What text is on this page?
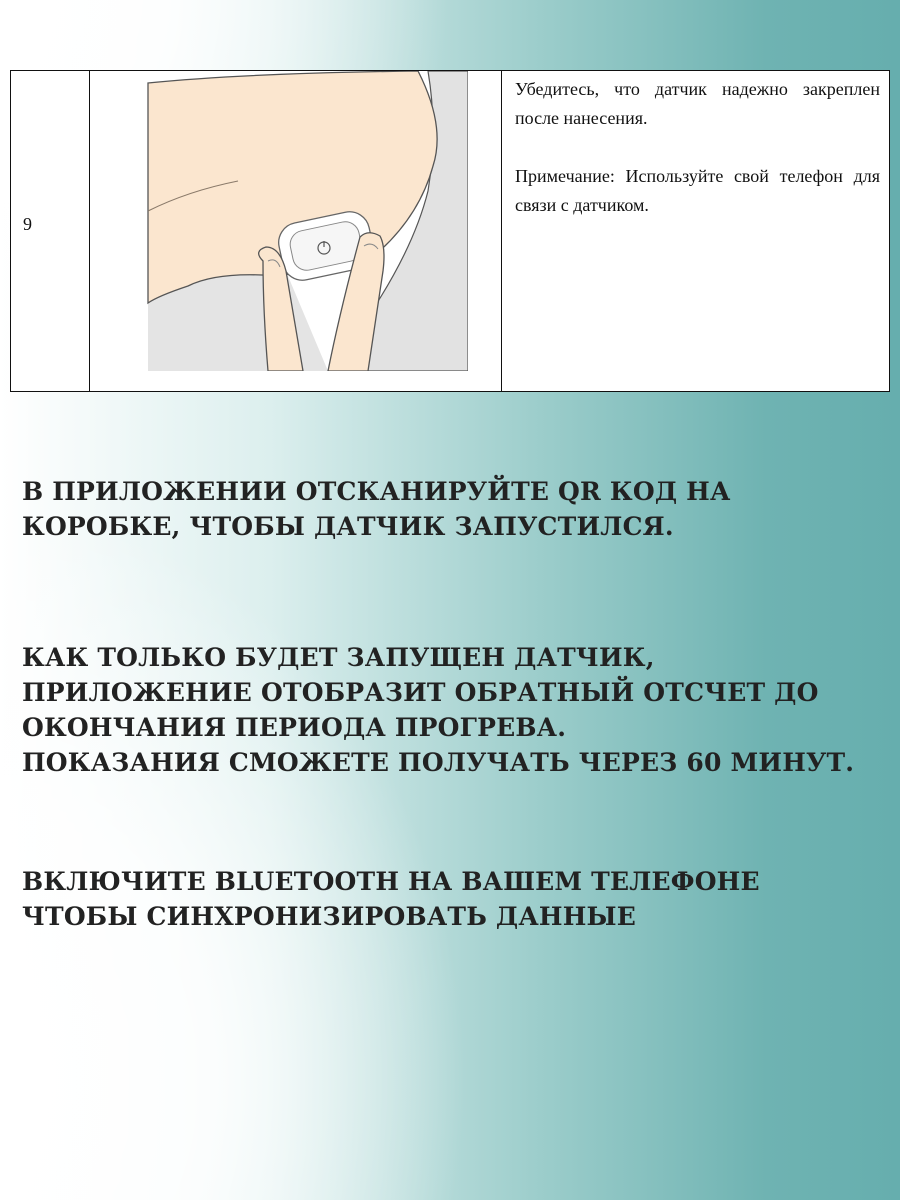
9

Убедитесь, что датчик надежно закреплен после нанесения.

Примечание: Используйте свой телефон для связи с датчиком.

В ПРИЛОЖЕНИИ ОТСКАНИРУЙТЕ QR КОД НА КОРОБКЕ, ЧТОБЫ ДАТЧИК ЗАПУСТИЛСЯ.

КАК ТОЛЬКО БУДЕТ ЗАПУЩЕН ДАТЧИК, ПРИЛОЖЕНИЕ ОТОБРАЗИТ ОБРАТНЫЙ ОТСЧЕТ ДО ОКОНЧАНИЯ ПЕРИОДА ПРОГРЕВА.

ПОКАЗАНИЯ СМОЖЕТЕ ПОЛУЧАТЬ ЧЕРЕЗ 60 МИНУТ.

ВКЛЮЧИТЕ BLUETOOTH НА ВАШЕМ ТЕЛЕФОНЕ ЧТОБЫ СИНХРОНИЗИРОВАТЬ ДАННЫЕ
